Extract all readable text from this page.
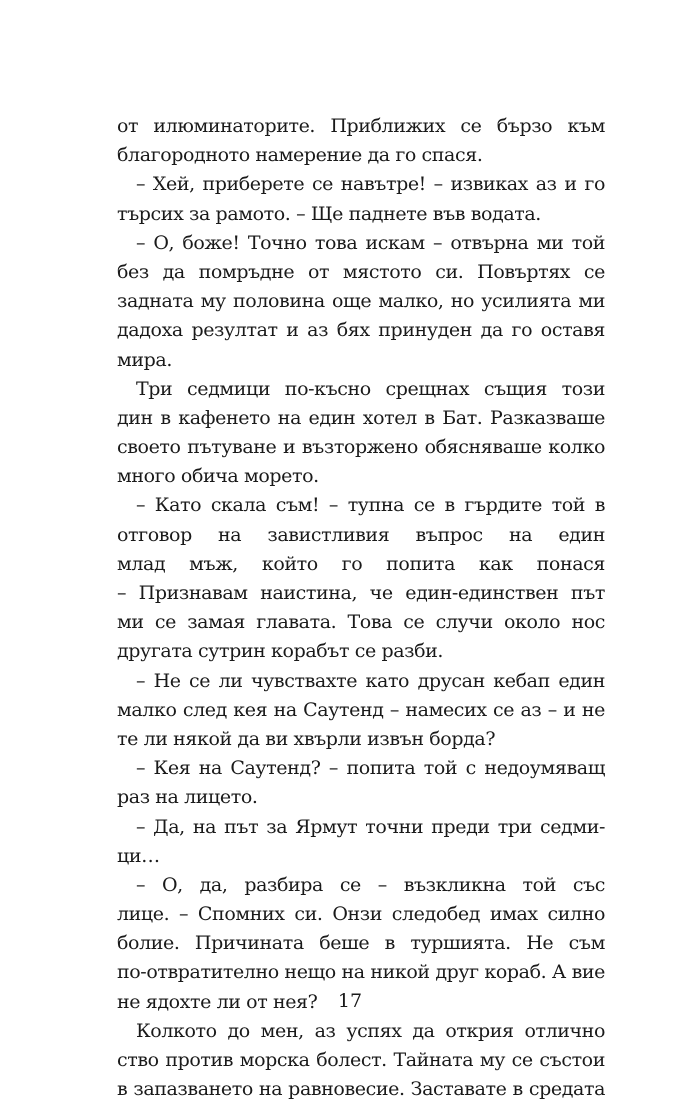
от илюминаторите. Приближих се бързо към
благородното намерение да го спася.
– Хей, приберете се навътре! – извиках аз и го
търсих за рамото. – Ще паднете във водата.
– О, боже! Точно това искам – отвърна ми той
без да помръдне от мястото си. Повъртях се
задната му половина още малко, но усилията ми
дадоха резултат и аз бях принуден да го оставя
мира.
Три седмици по-късно срещнах същия този
дин в кафенето на един хотел в Бат. Разказваше
своето пътуване и възторжено обясняваше колко
много обича морето.
– Като скала съм! – тупна се в гърдите той в
отговор на завистливия въпрос на един
млад мъж, който го попита как понася
– Признавам наистина, че един-единствен път
ми се замая главата. Това се случи около нос
другата сутрин корабът се разби.
– Не се ли чувствахте като друсан кебап един
малко след кея на Саутенд – намесих се аз – и не
те ли някой да ви хвърли извън борда?
– Кея на Саутенд? – попита той с недоумяващ
раз на лицето.
– Да, на път за Ярмут точни преди три седми-
ци…
– О, да, разбира се – възкликна той със
лице. – Спомних си. Онзи следобед имах силно
болие. Причината беше в туршията. Не съм
по-отвратително нещо на никой друг кораб. А вие
не ядохте ли от нея?
Колкото до мен, аз успях да открия отлично
ство против морска болест. Тайната му се състои
в запазването на равновесие. Заставате в средата
17
